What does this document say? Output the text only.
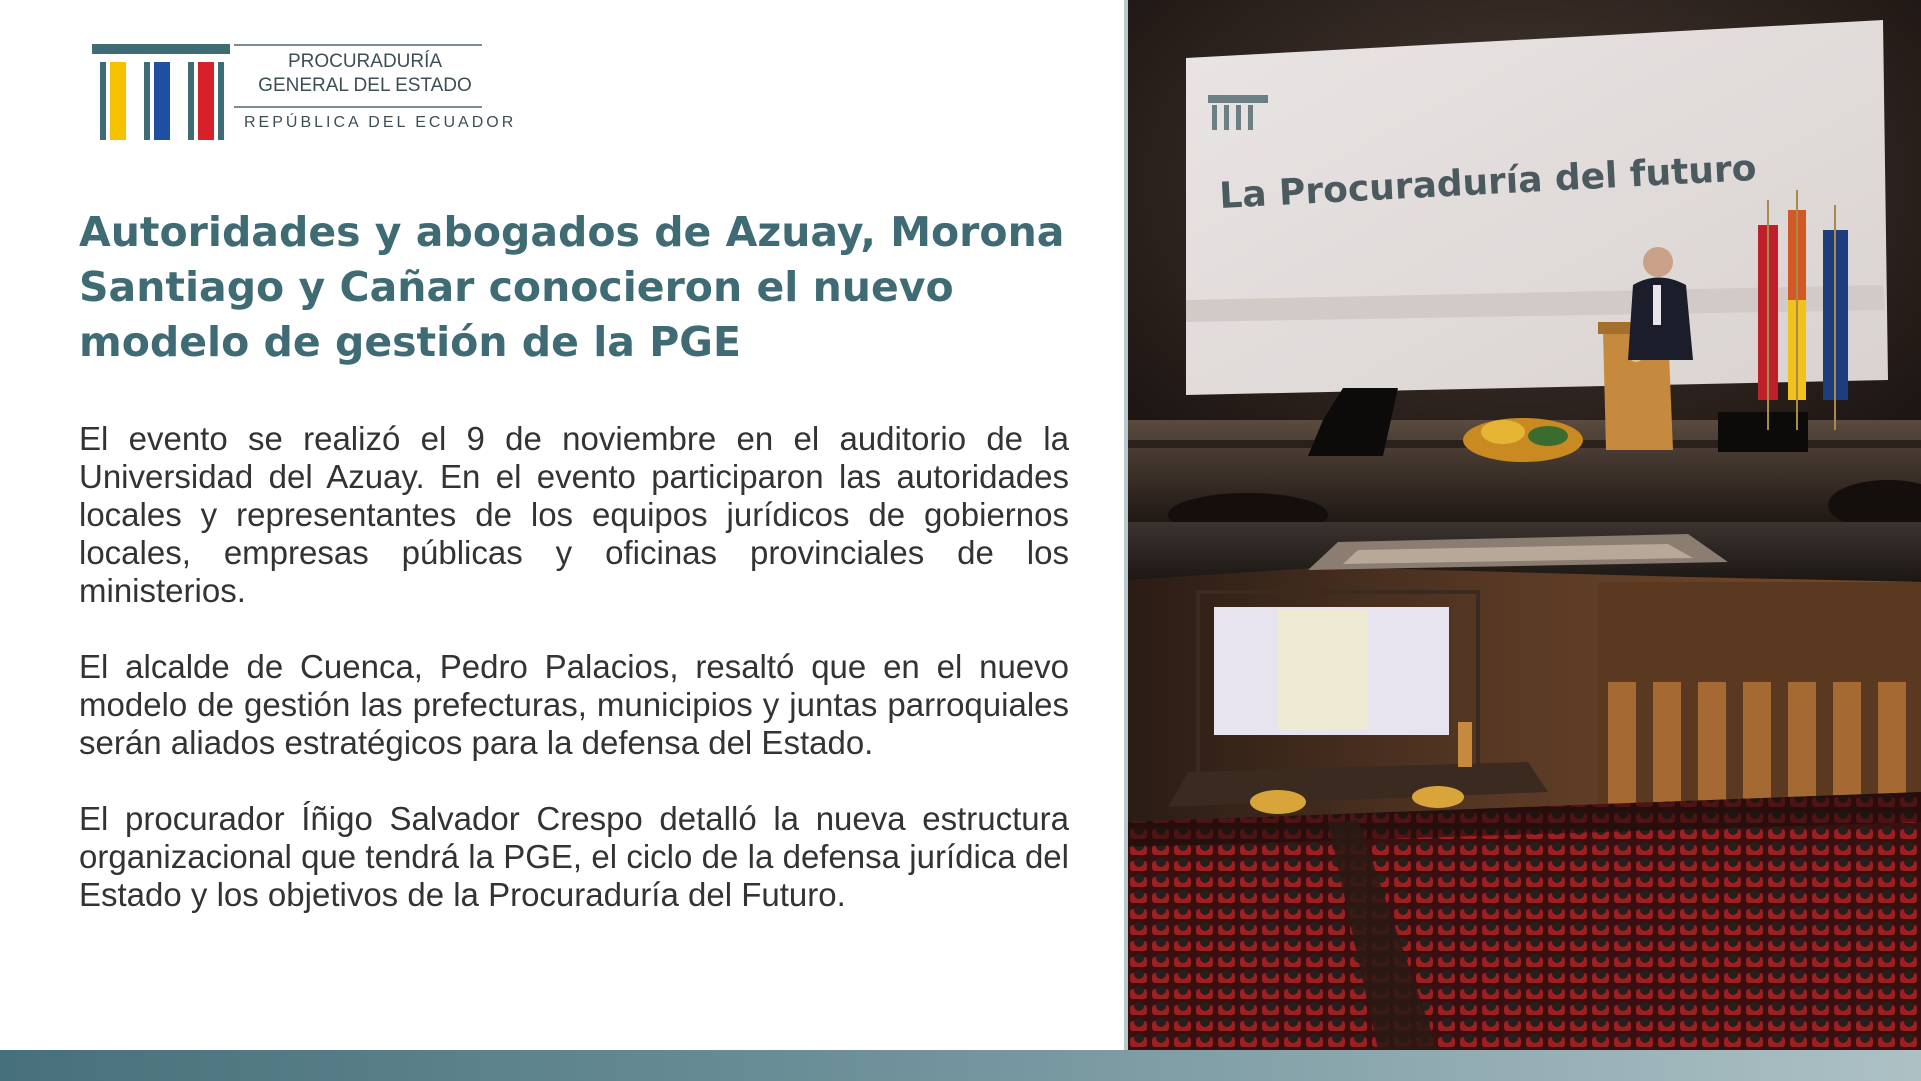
PROCURADURÍA
GENERAL DEL ESTADO
REPÚBLICA DEL ECUADOR
Autoridades y abogados de Azuay, Morona Santiago y Cañar conocieron el nuevo modelo de gestión de la PGE

El evento se realizó el 9 de noviembre en el auditorio de la Universidad del Azuay. En el evento participaron las autoridades locales y representantes de los equipos jurídicos de gobiernos locales, empresas públicas y oficinas provinciales de los ministerios.

El alcalde de Cuenca, Pedro Palacios, resaltó que en el nuevo modelo de gestión las prefecturas, municipios y juntas parroquiales serán aliados estratégicos para la defensa del Estado.

El procurador Íñigo Salvador Crespo detalló la nueva estructura organizacional que tendrá la PGE, el ciclo de la defensa jurídica del Estado y los objetivos de la Procuraduría del Futuro.

La Procuraduría del futuro
